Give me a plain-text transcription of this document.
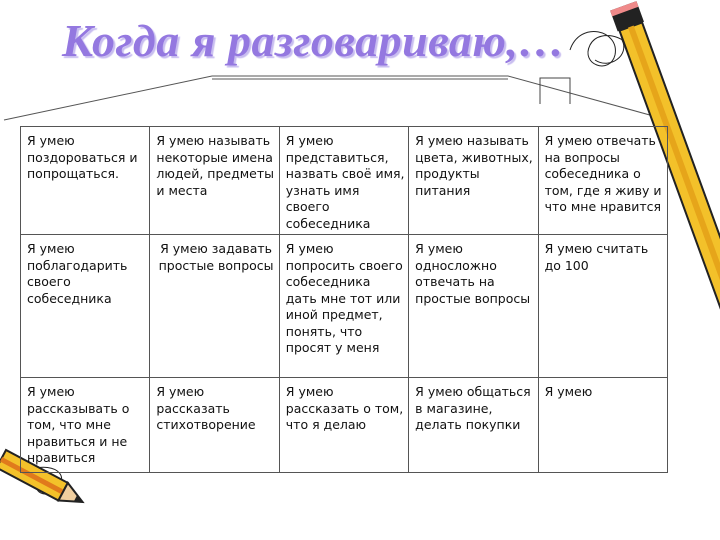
Когда я разговариваю,…
Я умею поздороваться и попрощаться.	Я умею называть некоторые имена людей, предметы и места	Я умею представиться, назвать своё имя, узнать имя своего собеседника	Я умею называть цвета, животных, продукты питания	Я умею отвечать на вопросы собеседника о том, где я живу и что мне нравится
Я умею поблагодарить своего собеседника	Я умею задавать простые вопросы	Я умею попросить своего собеседника дать мне тот или иной предмет, понять, что просят у меня	Я умею односложно отвечать на простые вопросы	Я умею считать до 100
Я умею рассказывать о том, что мне нравиться и не нравиться	Я умею рассказать стихотворение	Я умею рассказать о том, что я делаю	Я умею общаться в магазине, делать покупки	Я умею
